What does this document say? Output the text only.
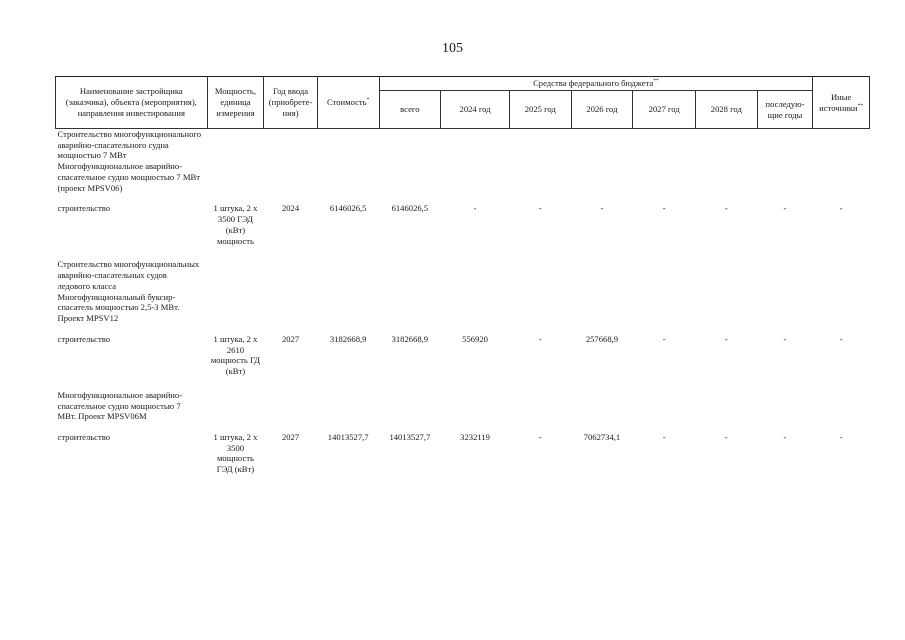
105
Наименование застройщика (заказчика), объекта (мероприятия), направления инвестирования	Мощность, единица измерения	Год ввода (приобрете-ния)	Стоимость*	Средства федерального бюджета**							Иные источники**
				всего	2024 год	2025 год	2026 год	2027 год	2028 год	последую-щие годы	
Строительство многофункционального аварийно-спасательного судна мощностью 7 МВт											
Многофункциональное аварийно-спасательное судно мощностью 7 МВт (проект MPSV06)											
строительство	1 штука, 2 х 3500 ГЭД (кВт) мощность	2024	6146026,5	6146026,5	-	-	-	-	-	-	-
Строительство многофункциональных аварийно-спасательных судов ледового класса											
Многофункциональный буксир-спасатель мощностью 2,5-3 МВт. Проект MPSV12											
строительство	1 штука, 2 х 2610 мощность ГД (кВт)	2027	3182668,9	3182668,9	556920	-	257668,9	-	-	-	-
Многофункциональное аварийно-спасательное судно мощностью 7 МВт. Проект MPSV06M											
строительство	1 штука, 2 х 3500 мощность ГЭД (кВт)	2027	14013527,7	14013527,7	3232119	-	7062734,1	-	-	-	-
